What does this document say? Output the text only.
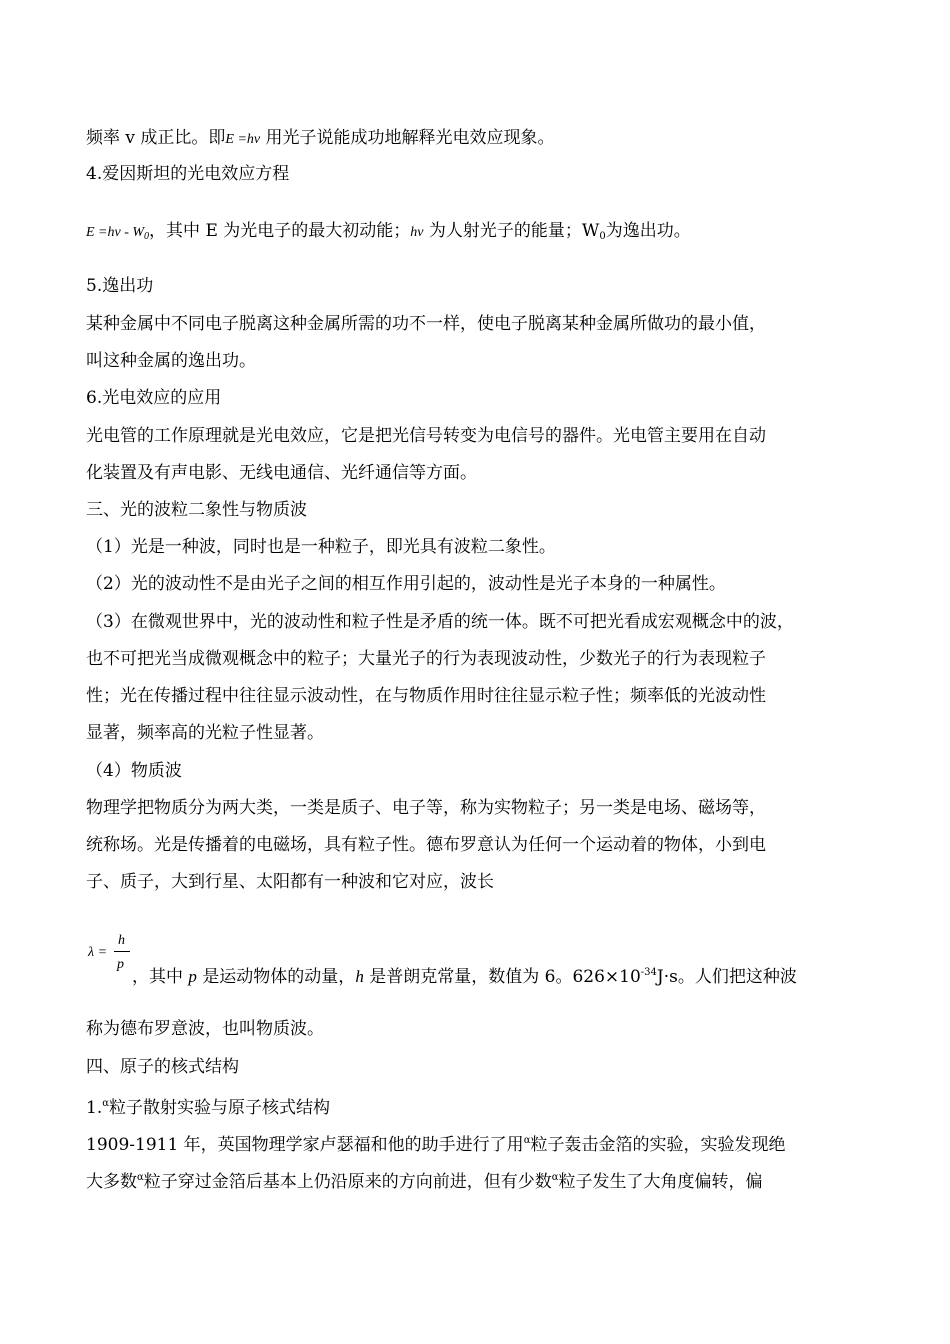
频率 v 成正比。即E =hν 用光子说能成功地解释光电效应现象。
4.爱因斯坦的光电效应方程
$E =h\nu - W_0$，其中 E 为光电子的最大初动能；hν 为人射光子的能量；$W_0$为逸出功。
5.逸出功
某种金属中不同电子脱离这种金属所需的功不一样，使电子脱离某种金属所做功的最小值，
叫这种金属的逸出功。
6.光电效应的应用
光电管的工作原理就是光电效应，它是把光信号转变为电信号的器件。光电管主要用在自动
化装置及有声电影、无线电通信、光纤通信等方面。
三、光的波粒二象性与物质波
（1）光是一种波，同时也是一种粒子，即光具有波粒二象性。
（2）光的波动性不是由光子之间的相互作用引起的，波动性是光子本身的一种属性。
（3）在微观世界中，光的波动性和粒子性是矛盾的统一体。既不可把光看成宏观概念中的波，
也不可把光当成微观概念中的粒子；大量光子的行为表现波动性，少数光子的行为表现粒子
性；光在传播过程中往往显示波动性，在与物质作用时往往显示粒子性；频率低的光波动性
显著，频率高的光粒子性显著。
（4）物质波
物理学把物质分为两大类，一类是质子、电子等，称为实物粒子；另一类是电场、磁场等，
统称场。光是传播着的电磁场，具有粒子性。德布罗意认为任何一个运动着的物体，小到电
子、质子，大到行星、太阳都有一种波和它对应，波长
λ =
h
p
，其中 p 是运动物体的动量，h 是普朗克常量，数值为 6。$626\times 10^{-34}J\cdot s$。人们把这种波
称为德布罗意波，也叫物质波。
四、原子的核式结构
1.$^\alpha$粒子散射实验与原子核式结构
1909-1911 年，英国物理学家卢瑟福和他的助手进行了用$^\alpha$粒子轰击金箔的实验，实验发现绝
大多数$^\alpha$粒子穿过金箔后基本上仍沿原来的方向前进，但有少数$^\alpha$粒子发生了大角度偏转，偏
